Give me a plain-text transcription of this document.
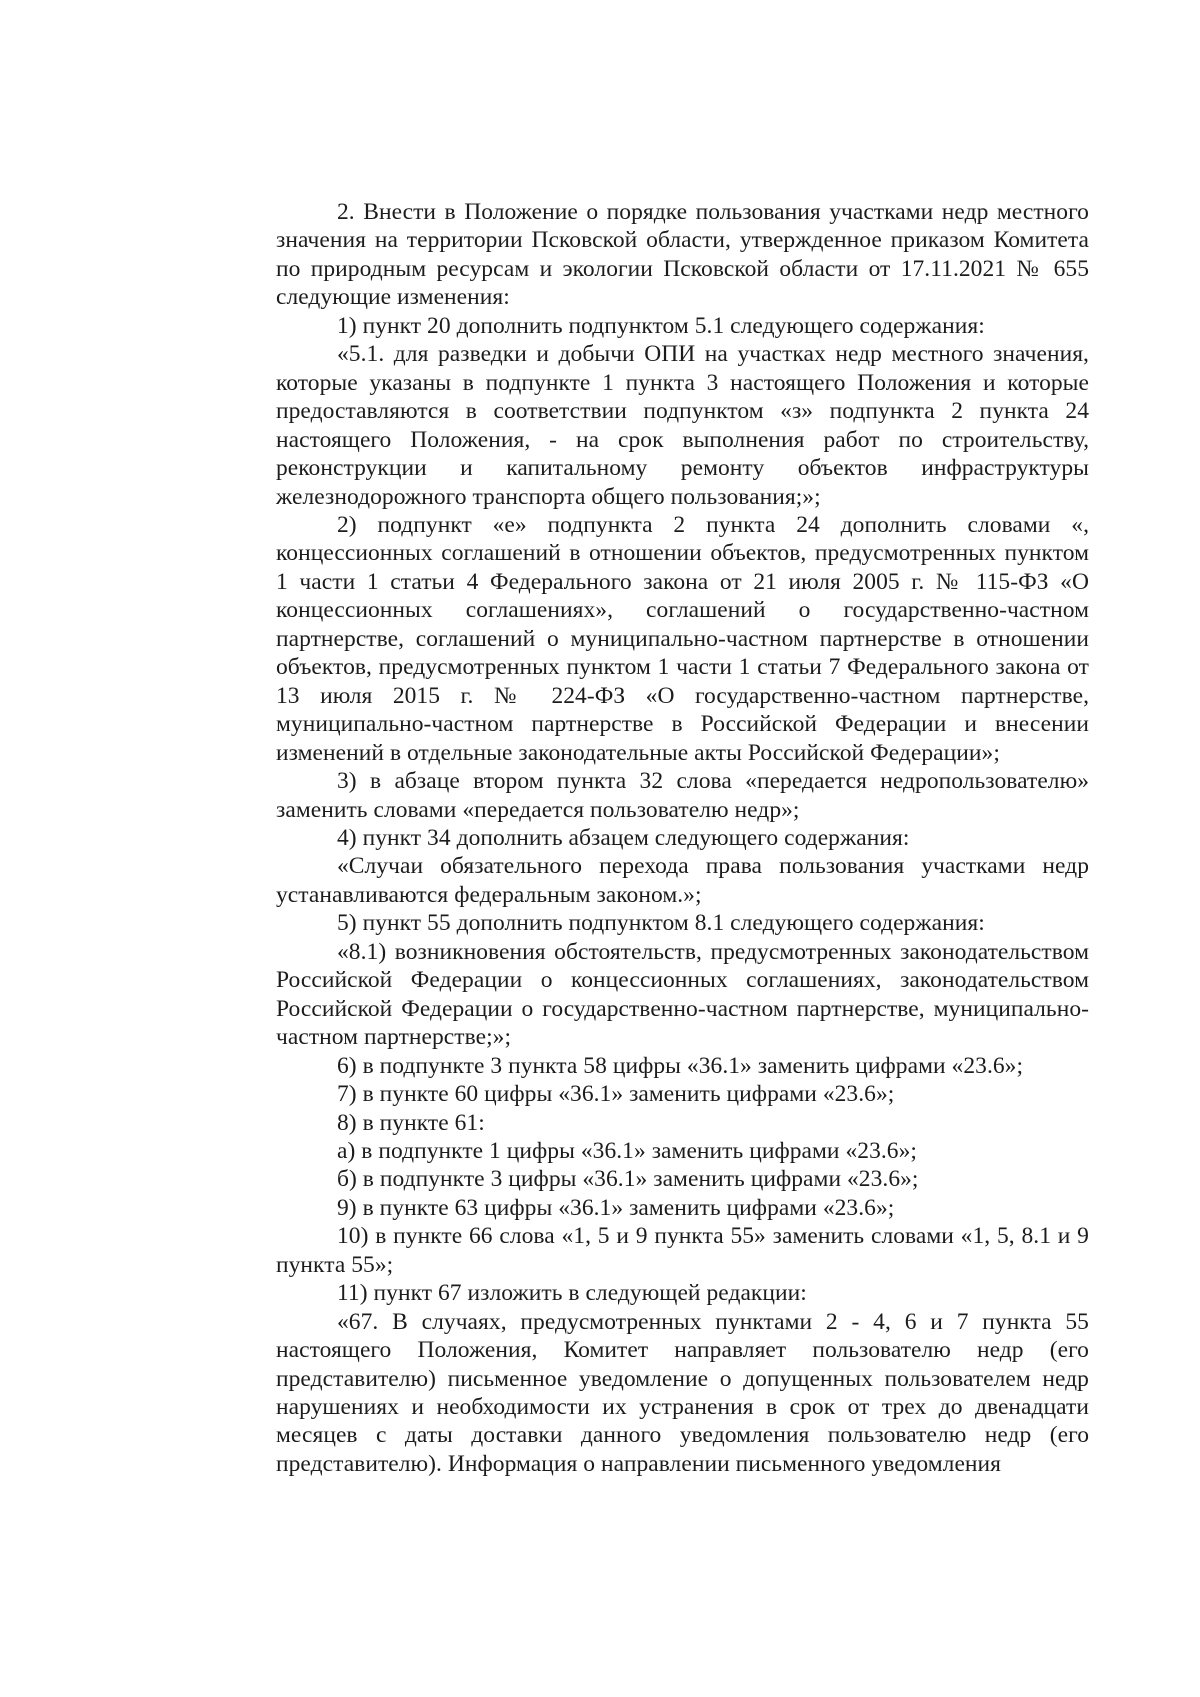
2. Внести в Положение о порядке пользования участками недр местного значения на территории Псковской области, утвержденное приказом Комитета по природным ресурсам и экологии Псковской области от 17.11.2021 № 655 следующие изменения:

1) пункт 20 дополнить подпунктом 5.1 следующего содержания:

«5.1. для разведки и добычи ОПИ на участках недр местного значения, которые указаны в подпункте 1 пункта 3 настоящего Положения и которые предоставляются в соответствии подпунктом «з» подпункта 2 пункта 24 настоящего Положения, - на срок выполнения работ по строительству, реконструкции и капитальному ремонту объектов инфраструктуры железнодорожного транспорта общего пользования;»;

2) подпункт «е» подпункта 2 пункта 24 дополнить словами «, концессионных соглашений в отношении объектов, предусмотренных пунктом 1 части 1 статьи 4 Федерального закона от 21 июля 2005 г. № 115-ФЗ «О концессионных соглашениях», соглашений о государственно-частном партнерстве, соглашений о муниципально-частном партнерстве в отношении объектов, предусмотренных пунктом 1 части 1 статьи 7 Федерального закона от 13 июля 2015 г. № 224-ФЗ «О государственно-частном партнерстве, муниципально-частном партнерстве в Российской Федерации и внесении изменений в отдельные законодательные акты Российской Федерации»;

3) в абзаце втором пункта 32 слова «передается недропользователю» заменить словами «передается пользователю недр»;

4) пункт 34 дополнить абзацем следующего содержания:

«Случаи обязательного перехода права пользования участками недр устанавливаются федеральным законом.»;

5) пункт 55 дополнить подпунктом 8.1 следующего содержания:

«8.1) возникновения обстоятельств, предусмотренных законодательством Российской Федерации о концессионных соглашениях, законодательством Российской Федерации о государственно-частном партнерстве, муниципально-частном партнерстве;»;

6) в подпункте 3 пункта 58 цифры «36.1» заменить цифрами «23.6»;

7) в пункте 60 цифры «36.1» заменить цифрами «23.6»;

8) в пункте 61:

а) в подпункте 1 цифры «36.1» заменить цифрами «23.6»;

б) в подпункте 3 цифры «36.1» заменить цифрами «23.6»;

9) в пункте 63 цифры «36.1» заменить цифрами «23.6»;

10) в пункте 66 слова «1, 5 и 9 пункта 55» заменить словами «1, 5, 8.1 и 9 пункта 55»;

11) пункт 67 изложить в следующей редакции:

«67. В случаях, предусмотренных пунктами 2 - 4, 6 и 7 пункта 55 настоящего Положения, Комитет направляет пользователю недр (его представителю) письменное уведомление о допущенных пользователем недр нарушениях и необходимости их устранения в срок от трех до двенадцати месяцев с даты доставки данного уведомления пользователю недр (его представителю). Информация о направлении письменного уведомления
